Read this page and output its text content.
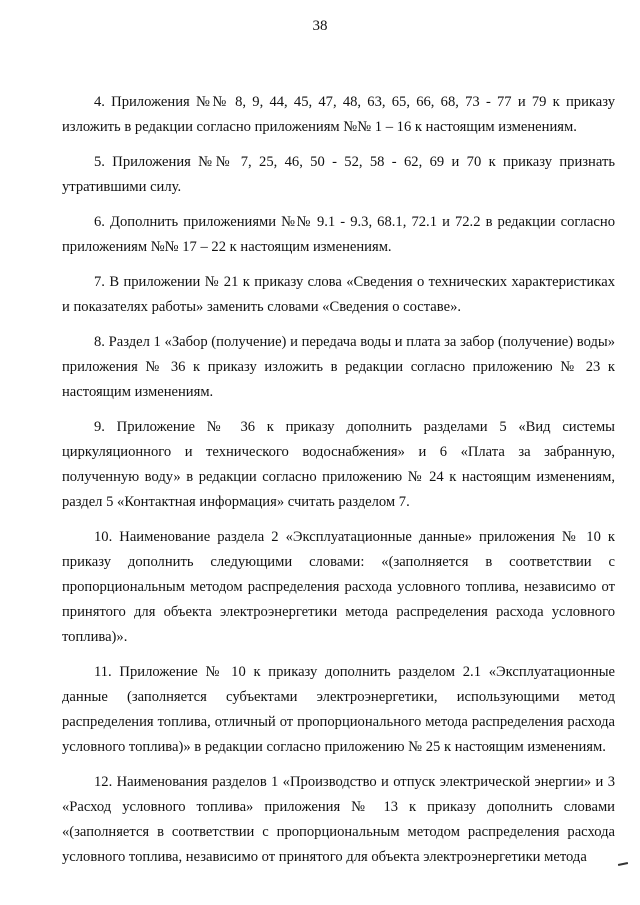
38

4. Приложения №№ 8, 9, 44, 45, 47, 48, 63, 65, 66, 68, 73 - 77 и 79 к приказу изложить в редакции согласно приложениям №№ 1 – 16 к настоящим изменениям.

5. Приложения №№ 7, 25, 46, 50 - 52, 58 - 62, 69 и 70 к приказу признать утратившими силу.

6. Дополнить приложениями №№ 9.1 - 9.3, 68.1, 72.1 и 72.2 в редакции согласно приложениям №№ 17 – 22 к настоящим изменениям.

7. В приложении № 21 к приказу слова «Сведения о технических характеристиках и показателях работы» заменить словами «Сведения о составе».

8. Раздел 1 «Забор (получение) и передача воды и плата за забор (получение) воды» приложения № 36 к приказу изложить в редакции согласно приложению № 23 к настоящим изменениям.

9. Приложение № 36 к приказу дополнить разделами 5 «Вид системы циркуляционного и технического водоснабжения» и 6 «Плата за забранную, полученную воду» в редакции согласно приложению № 24 к настоящим изменениям, раздел 5 «Контактная информация» считать разделом 7.

10. Наименование раздела 2 «Эксплуатационные данные» приложения № 10 к приказу дополнить следующими словами: «(заполняется в соответствии с пропорциональным методом распределения расхода условного топлива, независимо от принятого для объекта электроэнергетики метода распределения расхода условного топлива)».

11. Приложение № 10 к приказу дополнить разделом 2.1 «Эксплуатационные данные (заполняется субъектами электроэнергетики, использующими метод распределения топлива, отличный от пропорционального метода распределения расхода условного топлива)» в редакции согласно приложению № 25 к настоящим изменениям.

12. Наименования разделов 1 «Производство и отпуск электрической энергии» и 3 «Расход условного топлива» приложения № 13 к приказу дополнить словами «(заполняется в соответствии с пропорциональным методом распределения расхода условного топлива, независимо от принятого для объекта электроэнергетики метода
